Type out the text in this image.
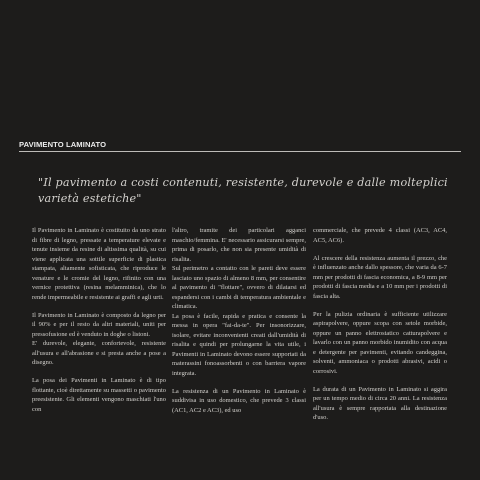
PAVIMENTO LAMINATO
"Il pavimento a costi contenuti, resistente, durevole e dalle molteplici varietà estetiche"

Il Pavimento in Laminato è costituito da uno strato di fibre di legno, pressate a temperature elevate e tenute insieme da resine di altissima qualità, su cui viene applicata una sottile superficie di plastica stampata, altamente sofisticata, che riproduce le venature e le cromie del legno, rifinito con una vernice protettiva (resina melamminica), che lo rende impermeabile e resistente ai graffi e agli urti.

Il Pavimento in Laminato è composto da legno per il 90% e per il resto da altri materiali, uniti per pressofusione ed è venduto in doghe o listoni.

E' durevole, elegante, confortevole, resistente all'usura e all'abrasione e si presta anche a pose a disegno.

La posa dei Pavimenti in Laminato è di tipo flottante, cioè direttamente su massetti o pavimento preesistente. Gli elementi vengono maschiati l'uno con

l'altro, tramite dei particolari agganci maschio/femmina. E' necessario assicurarsi sempre, prima di posarlo, che non sia presente umidità di risalita.

Sul perimetro a contatto con le pareti deve essere lasciato uno spazio di almeno 8 mm, per consentire al pavimento di "flottare", ovvero di dilatarsi ed espandersi con i cambi di temperatura ambientale e climatica.

La posa è facile, rapida e pratica e consente la messa in opera "fai-da-te". Per insonorizzare, isolare, evitare inconvenienti creati dall'umidità di risalita e quindi per prolungarne la vita utile, i Pavimenti in Laminato devono essere supportati da materassini fonoassorbenti o con barriera vapore integrata.

La resistenza di un Pavimento in Laminato è suddivisa in uso domestico, che prevede 3 classi (AC1, AC2 e AC3), ed uso

commerciale, che prevede 4 classi (AC3, AC4, AC5, AC6).

Al crescere della resistenza aumenta il prezzo, che è influenzato anche dallo spessore, che varia da 6-7 mm per prodotti di fascia economica, a 8-9 mm per prodotti di fascia media e a 10 mm per i prodotti di fascia alta.

Per la pulizia ordinaria è sufficiente utilizzare aspirapolvere, oppure scopa con setole morbide, oppure un panno elettrostatico catturapolvere e lavarlo con un panno morbido inumidito con acqua e detergente per pavimenti, evitando candeggina, solventi, ammoniaca o prodotti abrasivi, acidi o corrosivi.

La durata di un Pavimento in Laminato si aggira per un tempo medio di circa 20 anni. La resistenza all'usura è sempre rapportata alla destinazione d'uso.
